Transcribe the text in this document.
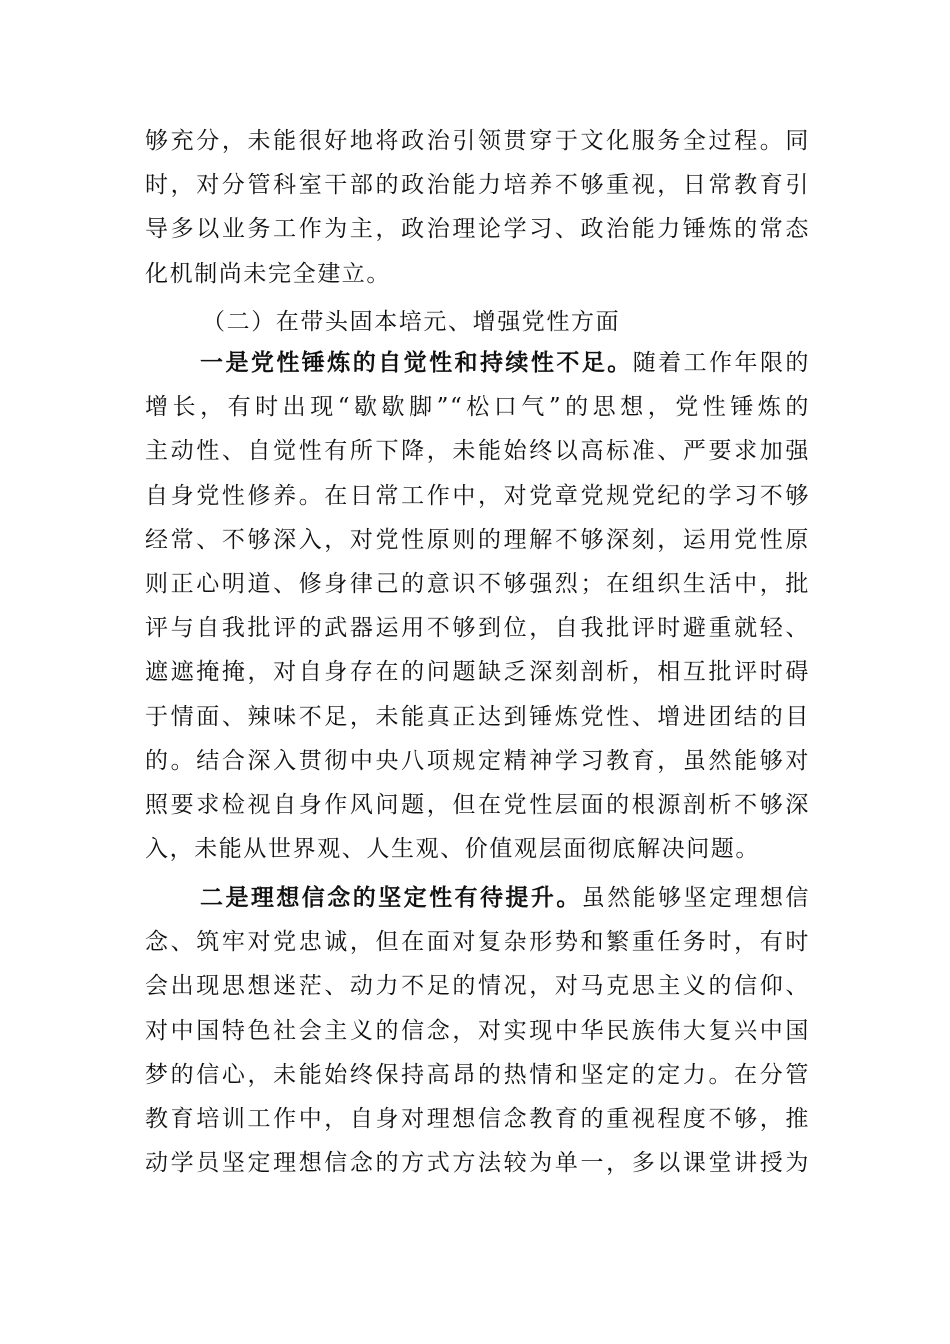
够充分，未能很好地将政治引领贯穿于文化服务全过程。同
时，对分管科室干部的政治能力培养不够重视，日常教育引
导多以业务工作为主，政治理论学习、政治能力锤炼的常态
化机制尚未完全建立。
（二）在带头固本培元、增强党性方面
一是党性锤炼的自觉性和持续性不足。随着工作年限的
增长，有时出现“歇歇脚”“松口气”的思想，党性锤炼的
主动性、自觉性有所下降，未能始终以高标准、严要求加强
自身党性修养。在日常工作中，对党章党规党纪的学习不够
经常、不够深入，对党性原则的理解不够深刻，运用党性原
则正心明道、修身律己的意识不够强烈；在组织生活中，批
评与自我批评的武器运用不够到位，自我批评时避重就轻、
遮遮掩掩，对自身存在的问题缺乏深刻剖析，相互批评时碍
于情面、辣味不足，未能真正达到锤炼党性、增进团结的目
的。结合深入贯彻中央八项规定精神学习教育，虽然能够对
照要求检视自身作风问题，但在党性层面的根源剖析不够深
入，未能从世界观、人生观、价值观层面彻底解决问题。
二是理想信念的坚定性有待提升。虽然能够坚定理想信
念、筑牢对党忠诚，但在面对复杂形势和繁重任务时，有时
会出现思想迷茫、动力不足的情况，对马克思主义的信仰、
对中国特色社会主义的信念，对实现中华民族伟大复兴中国
梦的信心，未能始终保持高昂的热情和坚定的定力。在分管
教育培训工作中，自身对理想信念教育的重视程度不够，推
动学员坚定理想信念的方式方法较为单一，多以课堂讲授为
